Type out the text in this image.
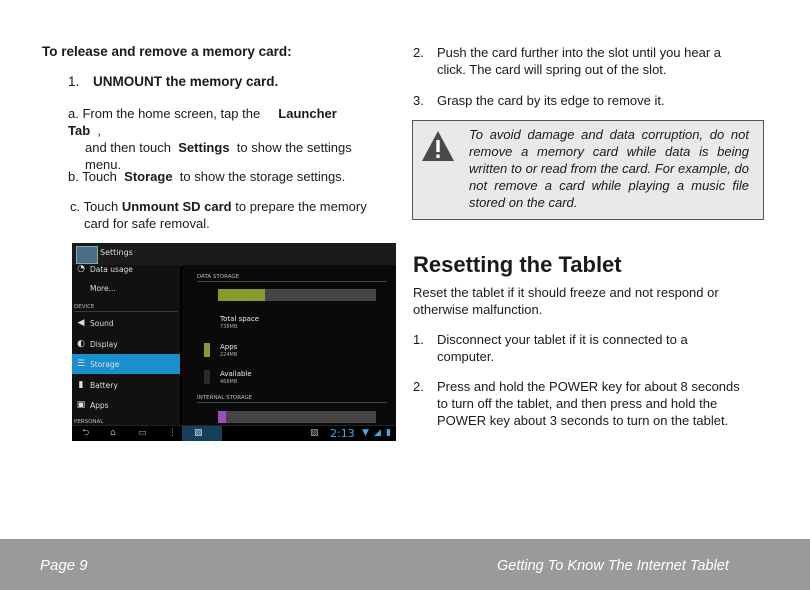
To release and remove a memory card:
1. UNMOUNT the memory card.
a. From the home screen, tap the Launcher Tab ,
and then touch Settings to show the settings
menu.
b. Touch Storage to show the storage settings.
c. Touch Unmount SD card to prepare the memory
card for safe removal.
Settings
◔ Data usage
More...
DEVICE
◀ Sound
◐ Display
☰ Storage
▮ Battery
▣ Apps
PERSONAL
DATA STORAGE
Total space
738MB
Apps
224MB
Available
468MB
INTERNAL STORAGE
⮌ ⌂ ▭ ⋮ ▨	▨ 2:13 ▼ ◢ ▮
2. Push the card further into the slot until you hear a
click. The card will spring out of the slot.
3. Grasp the card by its edge to remove it.
To avoid damage and data corruption, do not remove a memory card while data is being written to or read from the card. For example, do not remove a card while playing a music file stored on the card.
Resetting the Tablet
Reset the tablet if it should freeze and not respond or otherwise malfunction.
1. Disconnect your tablet if it is connected to a
computer.
2. Press and hold the POWER key for about 8 seconds
to turn off the tablet, and then press and hold the
POWER key about 3 seconds to turn on the tablet.
Page 9	Getting To Know The Internet Tablet
